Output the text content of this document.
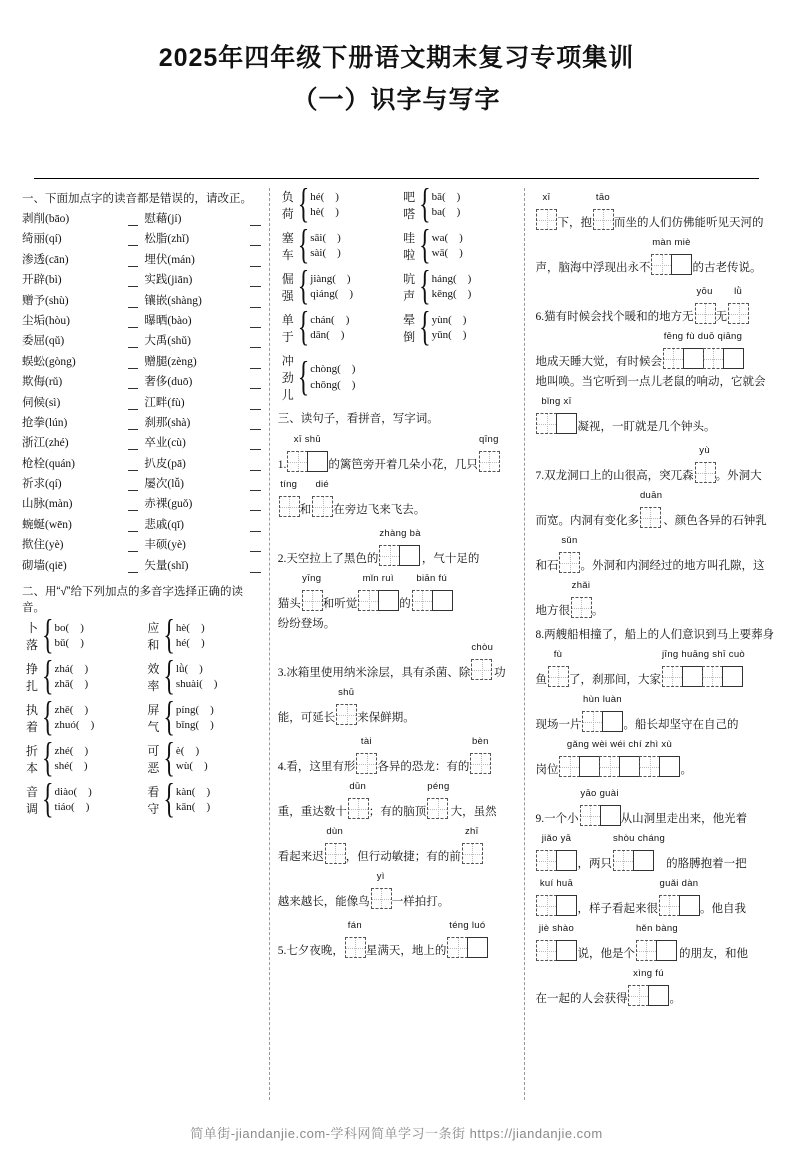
2025年四年级下册语文期末复习专项集训
（一）识字与写字
一、下面加点字的读音都是错误的，请改正。
剥削(bāo)
绮丽(qí)
渗透(cān)
开辟(bì)
赠予(shù)
尘垢(hòu)
委屈(qǔ)
蜈蚣(gòng)
欺侮(rǔ)
伺候(sì)
抢拳(lún)
浙江(zhé)
枪栓(quán)
祈求(qí)
山脉(màn)
蜿蜒(wēn)
揿住(yè)
砌墙(qiē)
慰藉(jí)
松脂(zhǐ)
埋伏(mán)
实践(jiān)
镶嵌(shàng)
曝晒(bào)
大禹(shǔ)
赠腿(zèng)
奢侈(duō)
江畔(fù)
刹那(shà)
卒业(cù)
扒皮(pā)
屡次(lǚ)
赤裸(guǒ)
悲戚(qī)
丰硕(yè)
矢量(shǐ)
二、用“√”给下列加点的多音字选择正确的读音。
卜落 { bo(　)
bǔ(　)
应和 { hè(　)
hé(　)
挣扎 { zhá(　)
zhā(　)
效率 { lǜ(　)
shuài(　)
执着 { zhē(　)
zhuó(　)
屏气 { píng(　)
bǐng(　)
折本 { zhé(　)
shé(　)
可恶 { è(　)
wù(　)
音调 { diào(　)
tiáo(　)
看守 { kàn(　)
kān(　)
负荷 { hé(　)
hè(　)
吧嗒 { bā(　)
ba(　)
塞车 { sāi(　)
sài(　)
哇啦 { wa(　)
wā(　)
倔强 { jiàng(　)
qiáng(　)
吭声 { háng(　)
kēng(　)
单于 { chán(　)
dān(　)
晕倒 { yùn(　)
yūn(　)
冲劲儿 { chòng(　)
chōng(　)
三、读句子，看拼音，写字词。
1.
xī shū
的篱笆旁开着几朵小花，几只
qīng

tíng
和
dié
在旁边飞来飞去。
2.天空拉上了黑色的
zhàng bà
，气十足的
猫头
yīng
和听觉
mǐn ruì
的
biān fú

纷纷登场。
3.冰箱里使用纳米涂层，具有杀菌、除
chòu
功
能，可延长
shū
来保鲜期。
4.看，这里有形
tài
各异的恐龙：有的
bèn

重，重达数十
dūn
；有的脑顶
péng
大，虽然
看起来迟
dùn
，但行动敏捷；有的前
zhī

越来越长，能像鸟
yì
一样拍打。
5.七夕夜晚，
fán
星满天，地上的
téng luó
xī
下，抱
tāo
而坐的人们仿佛能听见天河的
声，脑海中浮现出永不
màn miè
的古老传说。
6.猫有时候会找个暖和的地方无
yōu
无
lǜ

地成天睡大觉，有时候会
fēng fù duō qiāng

地叫唤。当它听到一点儿老鼠的响动，它就会

bǐng xī
凝视，一盯就是几个钟头。
7.双龙洞口上的山很高，突兀森
yù
。外洞大
而宽。内洞有变化多
duān
、颜色各异的石钟乳
和石
sǔn
。外洞和内洞经过的地方叫孔隙，这
地方很
zhǎi
。
8.两艘船相撞了，船上的人们意识到马上要葬身
鱼
fù
了，刹那间，大家
jīng huāng shī cuò

现场一片
hùn luàn
。船长却坚守在自己的
岗位
gǎng wèi wéi chí zhì xù
。
9.一个小
yāo guài
从山洞里走出来，他光着

jiǎo yā
，两只
shòu cháng
的胳膊抱着一把

kuí huā
，样子看起来很
guǎi dàn
。他自我

jiè shào
说，他是个
hěn bàng
的朋友，和他
在一起的人会获得
xìng fú
。
简单街-jiandanjie.com-学科网简单学习一条街 https://jiandanjie.com
